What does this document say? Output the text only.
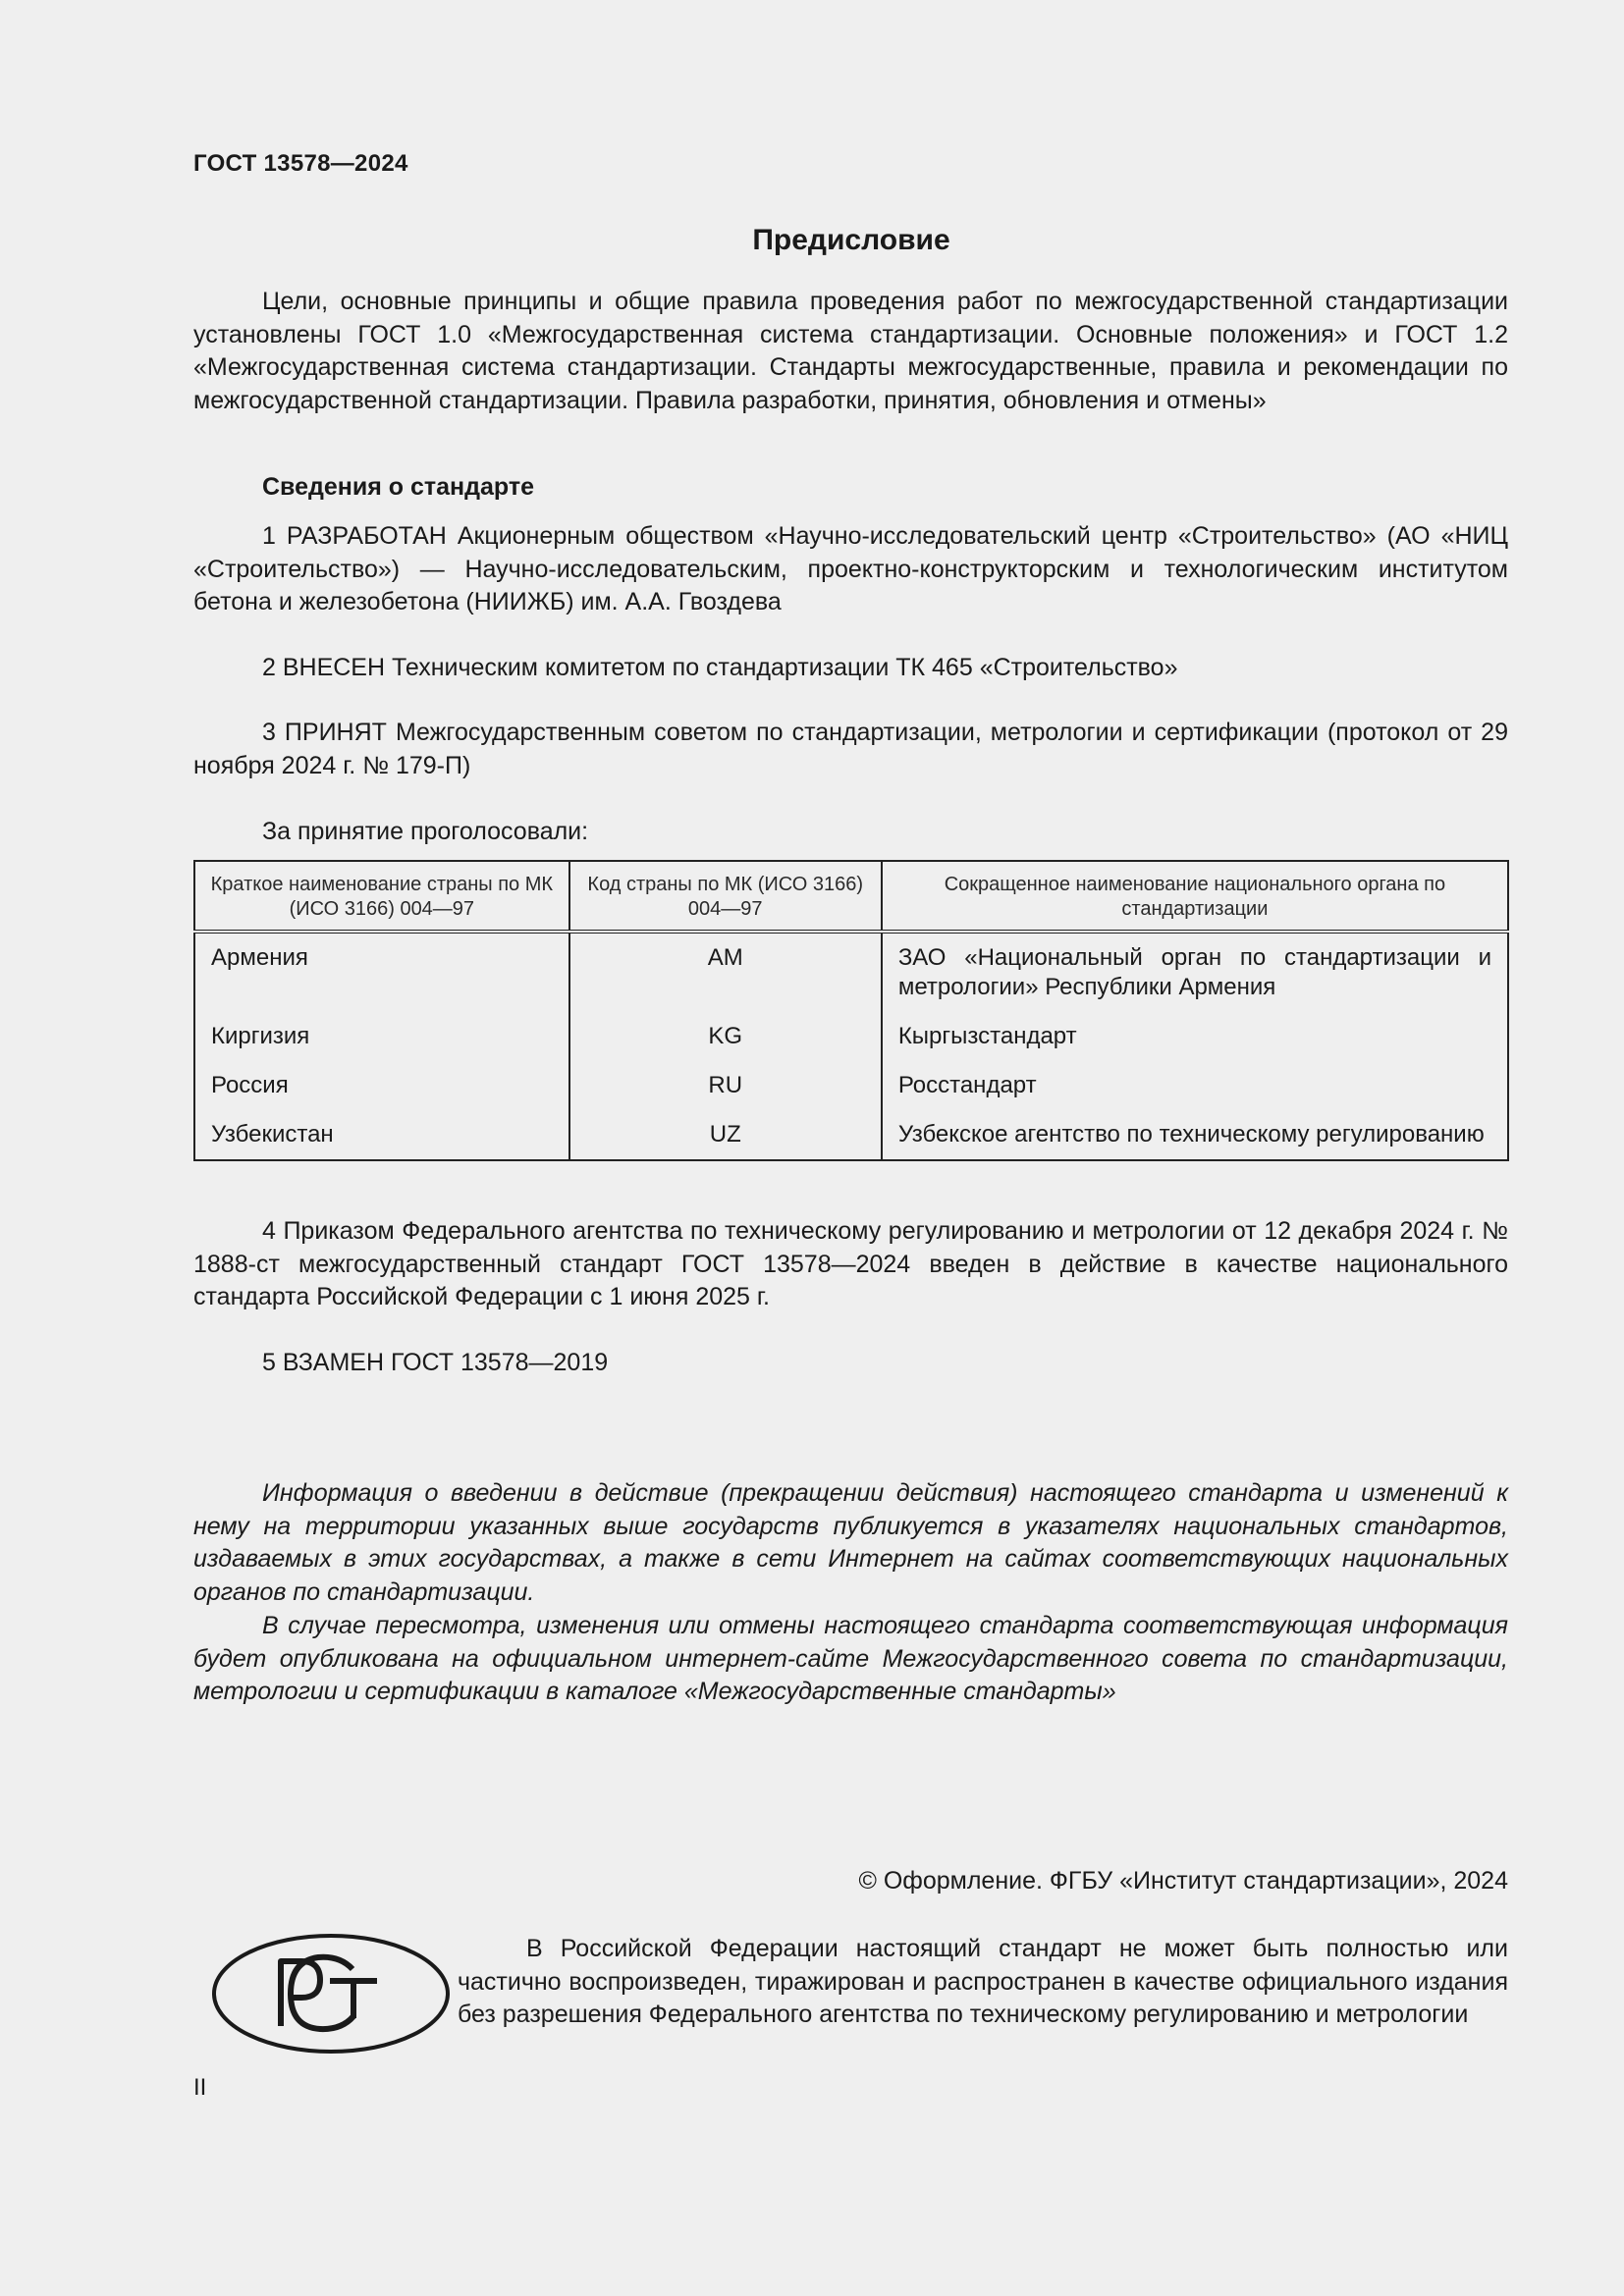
ГОСТ 13578—2024
Предисловие
Цели, основные принципы и общие правила проведения работ по межгосударственной стандартизации установлены ГОСТ 1.0 «Межгосударственная система стандартизации. Основные положения» и ГОСТ 1.2 «Межгосударственная система стандартизации. Стандарты межгосударственные, правила и рекомендации по межгосударственной стандартизации. Правила разработки, принятия, обновления и отмены»
Сведения о стандарте
1 РАЗРАБОТАН Акционерным обществом «Научно-исследовательский центр «Строительство» (АО «НИЦ «Строительство») — Научно-исследовательским, проектно-конструкторским и технологическим институтом бетона и железобетона (НИИЖБ) им. А.А. Гвоздева
2 ВНЕСЕН Техническим комитетом по стандартизации ТК 465 «Строительство»
3 ПРИНЯТ Межгосударственным советом по стандартизации, метрологии и сертификации (протокол от 29 ноября 2024 г. № 179-П)
За принятие проголосовали:
Краткое наименование страны по МК (ИСО 3166) 004—97	Код страны по МК (ИСО 3166) 004—97	Сокращенное наименование национального органа по стандартизации
Армения	AM	ЗАО «Национальный орган по стандартизации и метрологии» Республики Армения
Киргизия	KG	Кыргызстандарт
Россия	RU	Росстандарт
Узбекистан	UZ	Узбекское агентство по техническому регулированию
4 Приказом Федерального агентства по техническому регулированию и метрологии от 12 декабря 2024 г. № 1888-ст межгосударственный стандарт ГОСТ 13578—2024 введен в действие в качестве национального стандарта Российской Федерации с 1 июня 2025 г.
5 ВЗАМЕН ГОСТ 13578—2019
Информация о введении в действие (прекращении действия) настоящего стандарта и изменений к нему на территории указанных выше государств публикуется в указателях национальных стандартов, издаваемых в этих государствах, а также в сети Интернет на сайтах соответствующих национальных органов по стандартизации.
В случае пересмотра, изменения или отмены настоящего стандарта соответствующая информация будет опубликована на официальном интернет-сайте Межгосударственного совета по стандартизации, метрологии и сертификации в каталоге «Межгосударственные стандарты»
© Оформление. ФГБУ «Институт стандартизации», 2024
В Российской Федерации настоящий стандарт не может быть полностью или частично воспроизведен, тиражирован и распространен в качестве официального издания без разрешения Федерального агентства по техническому регулированию и метрологии
II
